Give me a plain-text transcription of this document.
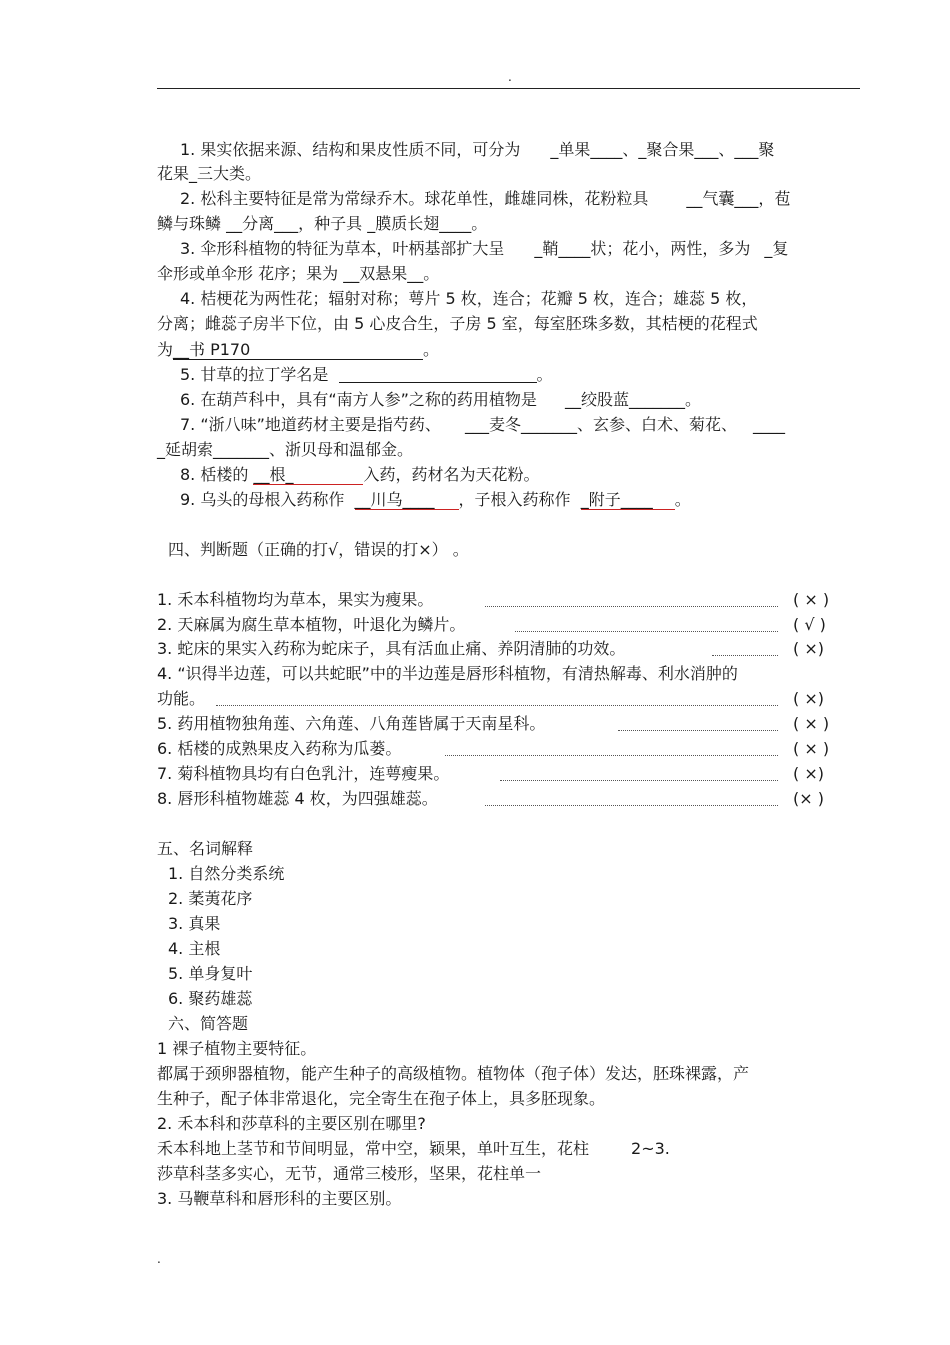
.
1. 果实依据来源、结构和果皮性质不同，可分为 _单果____、_聚合果___、___聚
花果_三大类。
2. 松科主要特征是常为常绿乔木。球花单性，雌雄同株，花粉粒具 __气囊___，苞
鳞与珠鳞 __分离___，种子具 _膜质长翅____。
3. 伞形科植物的特征为草本，叶柄基部扩大呈 _鞘____状；花小，两性，多为 _复
伞形或单伞形 花序；果为 __双悬果__。
4. 桔梗花为两性花；辐射对称；萼片 5 枚，连合；花瓣 5 枚，连合；雄蕊 5 枚，
分离；雌蕊子房半下位，由 5 心皮合生，子房 5 室，每室胚珠多数，其桔梗的花程式
为__书 P170	。
5. 甘草的拉丁学名是	。
6. 在葫芦科中，具有“南方人参”之称的药用植物是 __绞股蓝_______。
7. “浙八味”地道药材主要是指芍药、 ___麦冬_______、玄参、白术、菊花、 ____
_延胡索_______、浙贝母和温郁金。
8. 栝楼的 __根_	入药，药材名为天花粉。
9. 乌头的母根入药称作 __川乌____ ，子根入药称作 _附子____ 。
四、判断题（正确的打√，错误的打×） 。
1. 禾本科植物均为草本，果实为瘦果。	( × )
2. 天麻属为腐生草本植物，叶退化为鳞片。	( √ )
3. 蛇床的果实入药称为蛇床子，具有活血止痛、养阴清肺的功效。	( ×)
4. “识得半边莲，可以共蛇眠”中的半边莲是唇形科植物，有清热解毒、利水消肿的
功能。	( ×)
5. 药用植物独角莲、六角莲、八角莲皆属于天南星科。	( × )
6. 栝楼的成熟果皮入药称为瓜蒌。	( × )
7. 菊科植物具均有白色乳汁，连萼瘦果。	( ×)
8. 唇形科植物雄蕊 4 枚，为四强雄蕊。	(× )
五、名词解释
1. 自然分类系统
2. 葇荑花序
3. 真果
4. 主根
5. 单身复叶
6. 聚药雄蕊
六、简答题
1 裸子植物主要特征。
都属于颈卵器植物，能产生种子的高级植物。植物体（孢子体）发达，胚珠裸露，产
生种子，配子体非常退化，完全寄生在孢子体上，具多胚现象。
2. 禾本科和莎草科的主要区别在哪里?
禾本科地上茎节和节间明显，常中空，颖果，单叶互生，花柱	2~3.
莎草科茎多实心，无节，通常三棱形，坚果，花柱单一
3. 马鞭草科和唇形科的主要区别。
.
